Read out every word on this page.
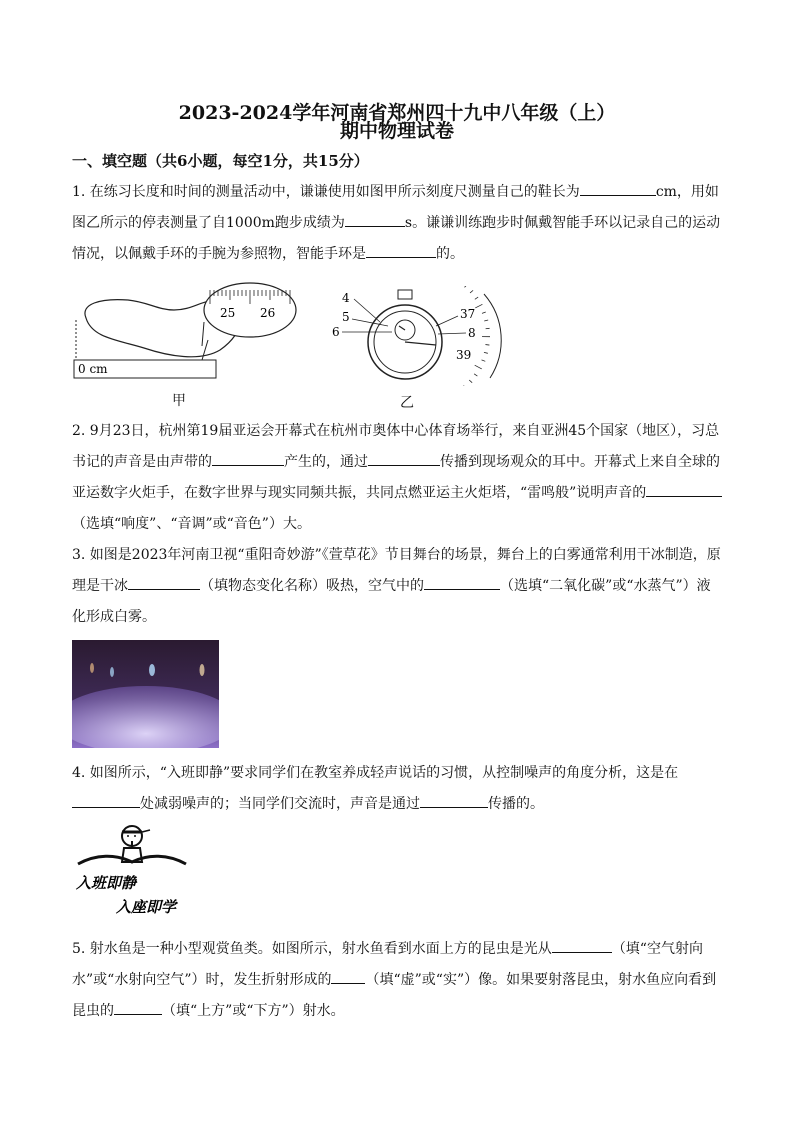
2023-2024学年河南省郑州四十九中八年级（上）
期中物理试卷
一、填空题（共6小题，每空1分，共15分）
1. 在练习长度和时间的测量活动中，谦谦使用如图甲所示刻度尺测量自己的鞋长为	cm，用如图乙所示的停表测量了自1000m跑步成绩为	s。谦谦训练跑步时佩戴智能手环以记录自己的运动情况，以佩戴手环的手腕为参照物，智能手环是	的。
25 26
0 cm
甲
4
5
6
37
8
39
乙
2. 9月23日，杭州第19届亚运会开幕式在杭州市奥体中心体育场举行，来自亚洲45个国家（地区），习总书记的声音是由声带的	产生的，通过	传播到现场观众的耳中。开幕式上来自全球的亚运数字火炬手，在数字世界与现实同频共振，共同点燃亚运主火炬塔，“雷鸣般”说明声音的（选填“响度”、“音调”或“音色”）大。
3. 如图是2023年河南卫视“重阳奇妙游”《萱草花》节目舞台的场景，舞台上的白雾通常利用干冰制造，原理是干冰	（填物态变化名称）吸热，空气中的	（选填“二氧化碳”或“水蒸气”）液化形成白雾。
4. 如图所示，“入班即静”要求同学们在教室养成轻声说话的习惯，从控制噪声的角度分析，这是在处减弱噪声的；当同学们交流时，声音是通过	传播的。
入班即静
入座即学
5. 射水鱼是一种小型观赏鱼类。如图所示，射水鱼看到水面上方的昆虫是光从	（填“空气射向水”或“水射向空气”）时，发生折射形成的 （填“虚”或“实”）像。如果要射落昆虫，射水鱼应向看到昆虫的	（填“上方”或“下方”）射水。
